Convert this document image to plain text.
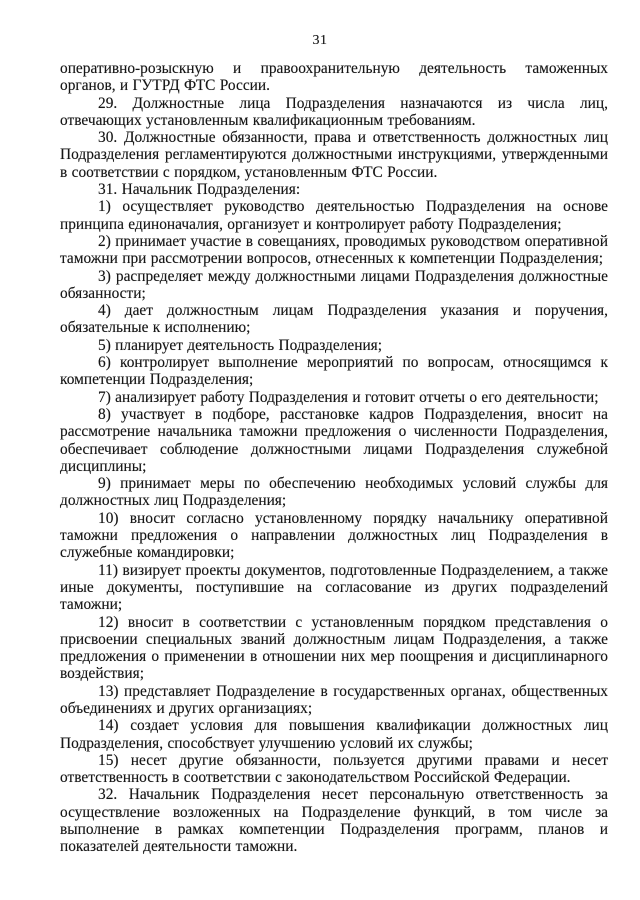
31

оперативно-розыскную и правоохранительную деятельность таможенных органов, и ГУТРД ФТС России.

29. Должностные лица Подразделения назначаются из числа лиц, отвечающих установленным квалификационным требованиям.

30. Должностные обязанности, права и ответственность должностных лиц Подразделения регламентируются должностными инструкциями, утвержденными в соответствии с порядком, установленным ФТС России.

31. Начальник Подразделения:

1) осуществляет руководство деятельностью Подразделения на основе принципа единоначалия, организует и контролирует работу Подразделения;

2) принимает участие в совещаниях, проводимых руководством оперативной таможни при рассмотрении вопросов, отнесенных к компетенции Подразделения;

3) распределяет между должностными лицами Подразделения должностные обязанности;

4) дает должностным лицам Подразделения указания и поручения, обязательные к исполнению;

5) планирует деятельность Подразделения;

6) контролирует выполнение мероприятий по вопросам, относящимся к компетенции Подразделения;

7) анализирует работу Подразделения и готовит отчеты о его деятельности;

8) участвует в подборе, расстановке кадров Подразделения, вносит на рассмотрение начальника таможни предложения о численности Подразделения, обеспечивает соблюдение должностными лицами Подразделения служебной дисциплины;

9) принимает меры по обеспечению необходимых условий службы для должностных лиц Подразделения;

10) вносит согласно установленному порядку начальнику оперативной таможни предложения о направлении должностных лиц Подразделения в служебные командировки;

11) визирует проекты документов, подготовленные Подразделением, а также иные документы, поступившие на согласование из других подразделений таможни;

12) вносит в соответствии с установленным порядком представления о присвоении специальных званий должностным лицам Подразделения, а также предложения о применении в отношении них мер поощрения и дисциплинарного воздействия;

13) представляет Подразделение в государственных органах, общественных объединениях и других организациях;

14) создает условия для повышения квалификации должностных лиц Подразделения, способствует улучшению условий их службы;

15) несет другие обязанности, пользуется другими правами и несет ответственность в соответствии с законодательством Российской Федерации.

32. Начальник Подразделения несет персональную ответственность за осуществление возложенных на Подразделение функций, в том числе за выполнение в рамках компетенции Подразделения программ, планов и показателей деятельности таможни.
